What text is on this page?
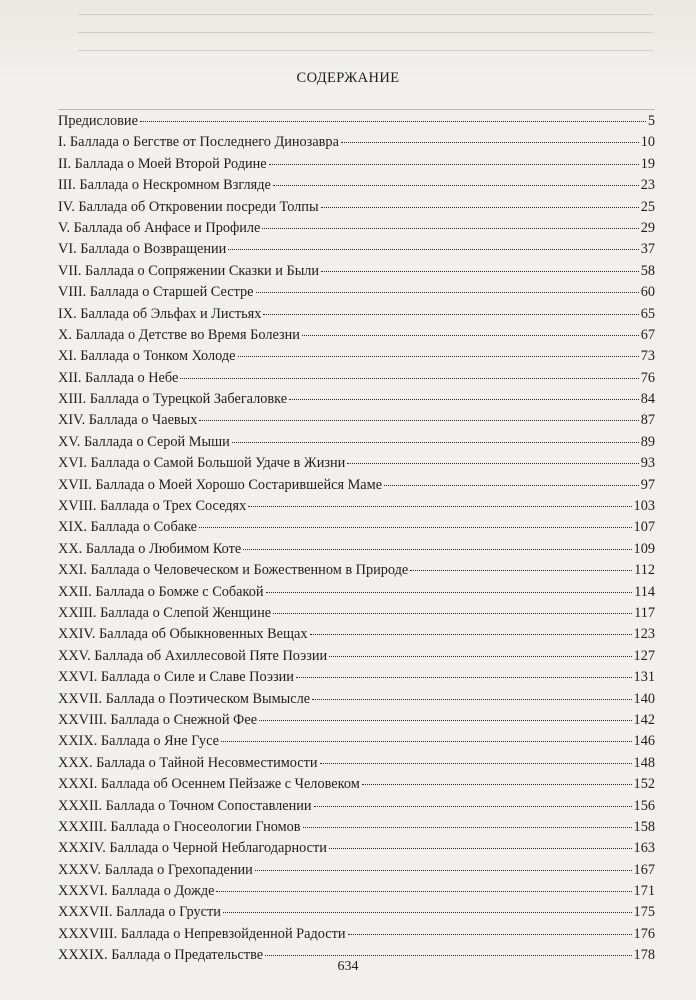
СОДЕРЖАНИЕ
Предисловие	5
I. Баллада о Бегстве от Последнего Динозавра	10
II. Баллада о Моей Второй Родине	19
III. Баллада о Нескромном Взгляде	23
IV. Баллада об Откровении посреди Толпы	25
V. Баллада об Анфасе и Профиле	29
VI. Баллада о Возвращении	37
VII. Баллада о Сопряжении Сказки и Были	58
VIII. Баллада о Старшей Сестре	60
IX. Баллада об Эльфах и Листьях	65
X. Баллада о Детстве во Время Болезни	67
XI. Баллада о Тонком Холоде	73
XII. Баллада о Небе	76
XIII. Баллада о Турецкой Забегаловке	84
XIV. Баллада о Чаевых	87
XV. Баллада о Серой Мыши	89
XVI. Баллада о Самой Большой Удаче в Жизни	93
XVII. Баллада о Моей Хорошо Состарившейся Маме	97
XVIII. Баллада о Трех Соседях	103
XIX. Баллада о Собаке	107
XX. Баллада о Любимом Коте	109
XXI. Баллада о Человеческом и Божественном в Природе	112
XXII. Баллада о Бомже с Собакой	114
XXIII. Баллада о Слепой Женщине	117
XXIV. Баллада об Обыкновенных Вещах	123
XXV. Баллада об Ахиллесовой Пяте Поэзии	127
XXVI. Баллада о Силе и Славе Поэзии	131
XXVII. Баллада о Поэтическом Вымысле	140
XXVIII. Баллада о Снежной Фее	142
XXIX. Баллада о Яне Гусе	146
XXX. Баллада о Тайной Несовместимости	148
XXXI. Баллада об Осеннем Пейзаже с Человеком	152
XXXII. Баллада о Точном Сопоставлении	156
XXXIII. Баллада о Гносеологии Гномов	158
XXXIV. Баллада о Черной Неблагодарности	163
XXXV. Баллада о Грехопадении	167
XXXVI. Баллада о Дожде	171
XXXVII. Баллада о Грусти	175
XXXVIII. Баллада о Непревзойденной Радости	176
XXXIX. Баллада о Предательстве	178
634
